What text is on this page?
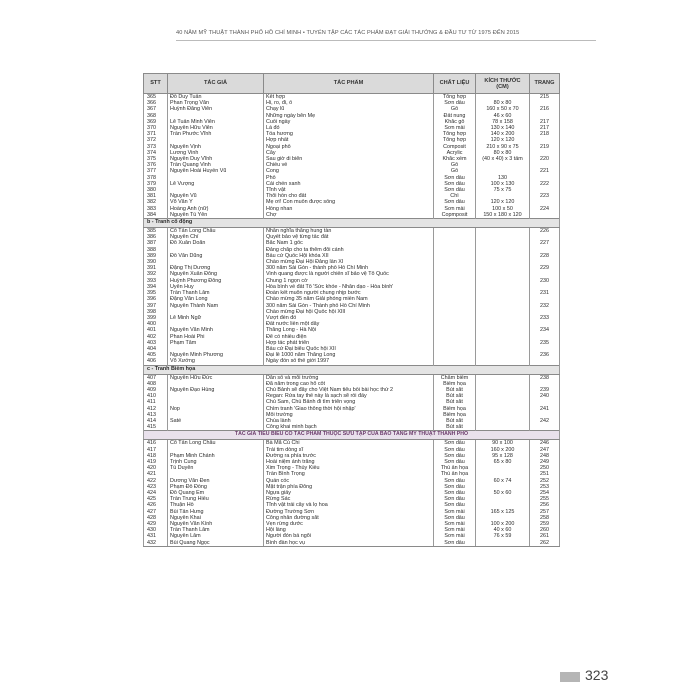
40 NĂM MỸ THUẬT THÀNH PHỐ HỒ CHÍ MINH • TUYỂN TẬP CÁC TÁC PHẨM ĐẠT GIẢI THƯỞNG & ĐẦU TƯ TỪ 1975 ĐẾN 2015
STT	TÁC GIẢ	TÁC PHẨM	CHẤT LIỆU	KÍCH THƯỚC (CM)	TRANG
365	Đỗ Duy Tuấn	Kết hợp	Tổng hợp		215
366	Phan Trọng Văn	Hi, ro, đi, ố	Sơn dầu	80 x 80	
367	Huỳnh Đăng Viên	Chạy lũ	Gỗ	160 x 50 x 70	216
368		Những ngày bên Mẹ	Đất nung	46 x 60	
369	Lê Tuấn Minh Viên	Cuối ngày	Khắc gỗ	78 x 158	217
370	Nguyễn Hữu Viên	Lá đỏ	Sơn mài	130 x 140	217
371	Trần Phước Vĩnh	Tỏa hương	Tổng hợp	140 x 200	218
372		Hợp nhất	Tổng hợp	120 x 120	
373	Nguyễn Vịnh	Ngoại phố	Composit	210 x 90 x 75	219
374	Lương Vinh	Cây	Acrylic	80 x 80	
375	Nguyễn Duy Vĩnh	Sau giờ di biển	Khắc xém	(40 x 40) x 3 tấm	220
376	Trần Quang Vinh	Chiều về	Gỗ		
377	Nguyễn Hoài Huyền Vũ	Cong	Gỗ		221
378		Phố	Sơn dầu	130	
379	Lê Vượng	Cái chén xanh	Sơn dầu	100 x 130	222
380		Tĩnh vật	Sơn dầu	75 x 75	
381	Nguyễn Vũ	Thổi hồn cho đất	Chì		223
382	Võ Văn Ý	Mẹ ơi! Con muốn được sống	Sơn dầu	120 x 120	
383	Hoàng Anh (nữ)	Hồng nhan	Sơn mài	100 x 50	224
384	Nguyễn Tú Yên	Chợ	Copmposit	150 x 180 x 120	
b - Tranh cổ động					
385	Cổ Tấn Long Châu	Nhân nghĩa thẳng hung tàn			226
386	Nguyễn Chí	Quyết bảo vệ từng tấc đất			
387	Đỗ Xuân Doãn	Bắc Nam 1 gốc			227
388		Đảng chắp cho ta thêm đôi cánh			
389	Đỗ Văn Dũng	Bầu cử Quốc Hội khóa XII			228
390		Chào mừng Đại Hội Đảng lần XI			
391	Đặng Thị Dương	300 năm Sài Gòn - thành phố Hồ Chí Minh			229
392	Nguyễn Xuân Đông	Vinh quang được là người chiến sĩ bảo vệ Tổ Quốc			
393	Huỳnh Phương Đông	Chung 1 ngọn cờ			230
394	Uyên Huy	Hòa bình về đất Tổ 'Sức khỏe - Nhân dạo - Hòa bình'			
395	Trần Thanh Lâm	Đoàn kết muôn người chung nhịp bước			231
396	Đặng Văn Long	Chào mừng 35 năm Giải phóng miền Nam			
397	Nguyễn Thành Nam	300 năm Sài Gòn - Thành phố Hồ Chí Minh			232
398		Chào mừng Đại hội Quốc hội XIII			
399	Lê Minh Ngữ	Vượt đèn đỏ			233
400		Đất nước liền một dây			
401	Nguyễn Văn Minh	Thăng Long - Hà Nội			234
402	Phan Hoài Phi	Để có nhiều điện			
403	Phạm Tâm	Hợp tác phát triển			235
404		Bầu cử Đại biểu Quốc hội XII			
405	Nguyễn Minh Phương	Đại lễ 1000 năm Thăng Long			236
406	Võ Xướng	Ngày đón số thế giới 1997			
c - Tranh Biếm họa					
407	Nguyễn Hữu Đức	Dân số và môi trường	Châm biếm		238
408		Đã nằm trong cao hổ cốt	Biếm họa		
409	Nguyễn Đạo Hùng	Chú Bảnh sẽ đây cho Việt Nam tiểu bối bài học thứ 2	Bút sắt		239
410		Regan: Rửa tay thế này là sạch sẽ rồi đấy	Bút sắt		240
411		Chú Sam, Chú Bảnh đi tìm triển vọng	Bút sắt		
412	Nop	Chìm tranh 'Giao thông thời hội nhập'	Biếm họa		241
413		Môi trường	Biếm họa		
414	Saté	Chùa lành	Bút sắt		242
415		Công khai minh bạch	Bút sắt		
TÁC GIẢ TIÊU BIỂU CÓ TÁC PHẨM THUỘC SƯU TẬP CỦA BẢO TÀNG MỸ THUẬT THÀNH PHỐ					
416	Cổ Tấn Long Châu	Bà Mã Cù Chi	Sơn dầu	90 x 100	246
417		Trái tim dòng sĩ	Sơn dầu	160 x 200	247
418	Phạm Minh Chánh	Đường ra phía trước	Sơn dầu	95 x 128	248
419	Trịnh Cung	Hoài niệm ánh trăng	Sơn dầu	65 x 80	249
420	Tú Duyên	Xim Trọng - Thúy Kiều	Thủ ấn họa		250
421		Trần Bình Trọng	Thủ ấn họa		251
422	Dương Văn Đen	Quán cóc	Sơn dầu	60 x 74	252
423	Phạm Đỗ Đồng	Mặt trận phía Đông	Sơn dầu		253
424	Đỗ Quang Em	Ngựa giấy	Sơn dầu	50 x 60	254
425	Trần Trung Hiếu	Rừng Sác	Sơn dầu		255
426	Thuận Hồ	Tĩnh vật trái cây và lọ hoa	Sơn dầu		256
427	Bùi Tấn Hưng	Đường Trường Sơn	Sơn mài	165 x 125	257
428	Nguyễn Khai	Công nhân đường sắt	Sơn dầu		258
429	Nguyễn Văn Kính	Vẹn rừng dước	Sơn mài	100 x 200	259
430	Trần Thanh Lâm	Hội làng	Sơn mài	40 x 60	260
431	Nguyễn Lâm	Người đón bá ngõi	Sơn mài	76 x 59	261
432	Bùi Quang Ngọc	Bình đàn học vụ	Sơn dầu		262
323
